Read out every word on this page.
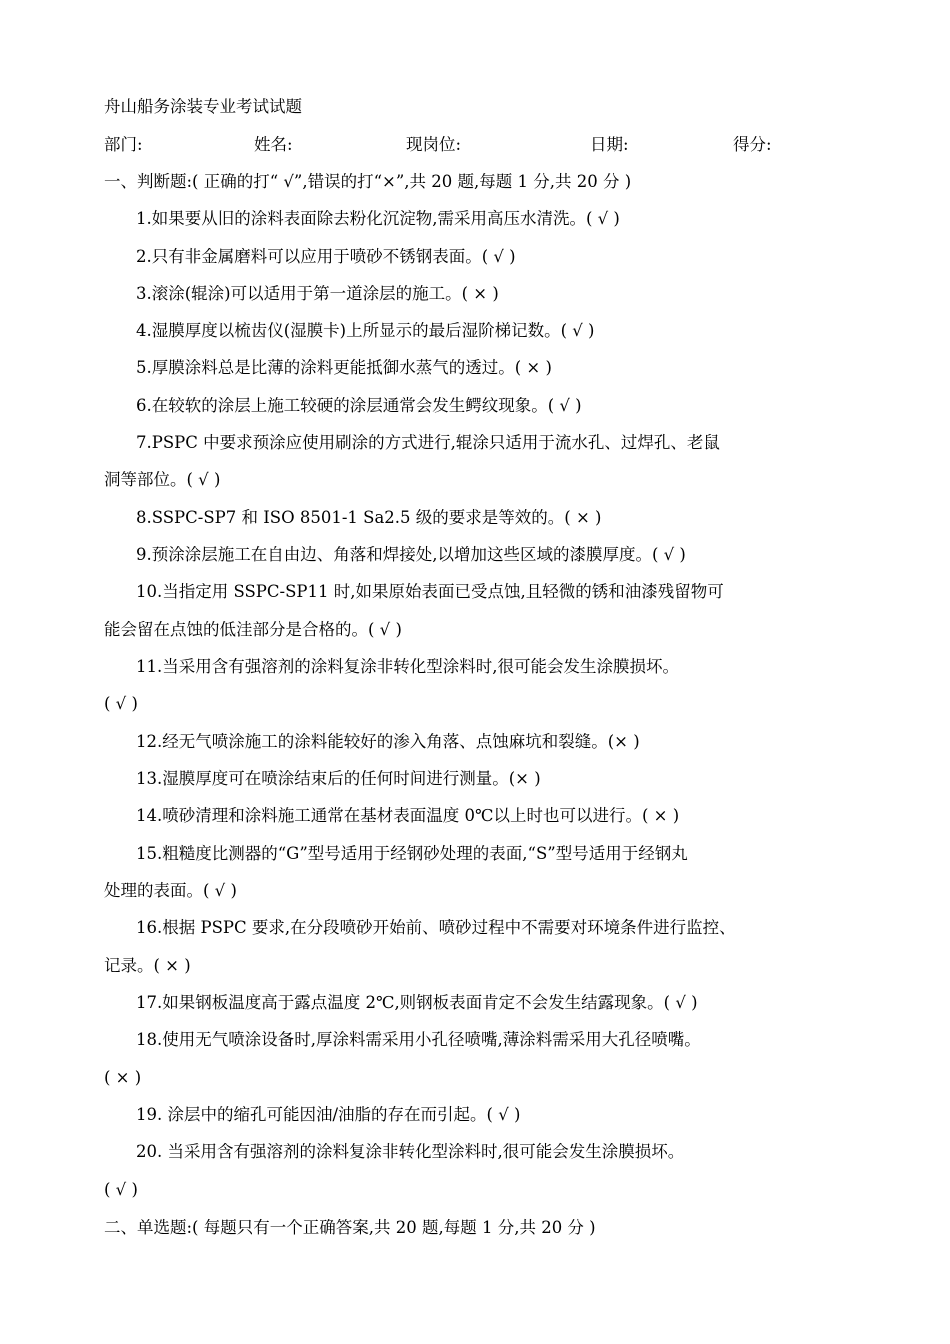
舟山船务涂装专业考试试题
部门:	姓名:	现岗位:	日期:	得分:
一、判断题:( 正确的打“ √”,错误的打“×”,共 20 题,每题 1 分,共 20 分 )
1.如果要从旧的涂料表面除去粉化沉淀物,需采用高压水清洗。( √ )
2.只有非金属磨料可以应用于喷砂不锈钢表面。( √ )
3.滚涂(辊涂)可以适用于第一道涂层的施工。( × )
4.湿膜厚度以梳齿仪(湿膜卡)上所显示的最后湿阶梯记数。( √ )
5.厚膜涂料总是比薄的涂料更能抵御水蒸气的透过。( × )
6.在较软的涂层上施工较硬的涂层通常会发生鳄纹现象。( √ )
7.PSPC 中要求预涂应使用刷涂的方式进行,辊涂只适用于流水孔、过焊孔、老鼠
洞等部位。( √ )
8.SSPC-SP7 和 ISO 8501-1 Sa2.5 级的要求是等效的。( × )
9.预涂涂层施工在自由边、角落和焊接处,以增加这些区域的漆膜厚度。( √ )
10.当指定用 SSPC-SP11 时,如果原始表面已受点蚀,且轻微的锈和油漆残留物可
能会留在点蚀的低洼部分是合格的。( √ )
11.当采用含有强溶剂的涂料复涂非转化型涂料时,很可能会发生涂膜损坏。
( √ )
12.经无气喷涂施工的涂料能较好的渗入角落、点蚀麻坑和裂缝。(× )
13.湿膜厚度可在喷涂结束后的任何时间进行测量。(× )
14.喷砂清理和涂料施工通常在基材表面温度 0℃以上时也可以进行。( × )
15.粗糙度比测器的“G”型号适用于经钢砂处理的表面,“S”型号适用于经钢丸
处理的表面。( √ )
16.根据 PSPC 要求,在分段喷砂开始前、喷砂过程中不需要对环境条件进行监控、
记录。( × )
17.如果钢板温度高于露点温度 2℃,则钢板表面肯定不会发生结露现象。( √ )
18.使用无气喷涂设备时,厚涂料需采用小孔径喷嘴,薄涂料需采用大孔径喷嘴。
( × )
19. 涂层中的缩孔可能因油/油脂的存在而引起。( √ )
20. 当采用含有强溶剂的涂料复涂非转化型涂料时,很可能会发生涂膜损坏。
( √ )
二、单选题:( 每题只有一个正确答案,共 20 题,每题 1 分,共 20 分 )
